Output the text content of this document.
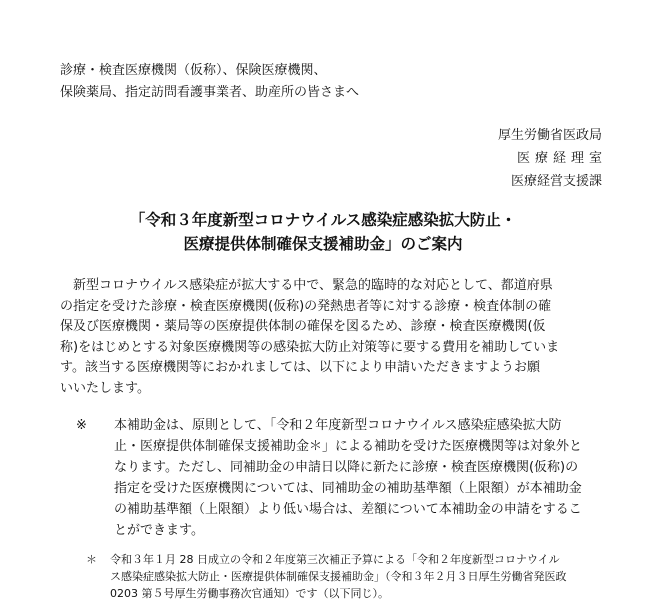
診療・検査医療機関（仮称）、保険医療機関、
保険薬局、指定訪問看護事業者、助産所の皆さまへ
厚生労働省医政局
医療経理室
医療経営支援課
「令和３年度新型コロナウイルス感染症感染拡大防止・
医療提供体制確保支援補助金」のご案内
新型コロナウイルス感染症が拡大する中で、緊急的臨時的な対応として、都道府県
の指定を受けた診療・検査医療機関(仮称)の発熱患者等に対する診療・検査体制の確
保及び医療機関・薬局等の医療提供体制の確保を図るため、診療・検査医療機関(仮
称)をはじめとする対象医療機関等の感染拡大防止対策等に要する費用を補助していま
す。該当する医療機関等におかれましては、以下により申請いただきますようお願
いいたします。
※ 本補助金は、原則として、「令和２年度新型コロナウイルス感染症感染拡大防
止・医療提供体制確保支援補助金＊」による補助を受けた医療機関等は対象外と
なります。ただし、同補助金の申請日以降に新たに診療・検査医療機関(仮称)の
指定を受けた医療機関については、同補助金の補助基準額（上限額）が本補助金
の補助基準額（上限額）より低い場合は、差額について本補助金の申請をするこ
とができます。
＊ 令和３年１月 28 日成立の令和２年度第三次補正予算による「令和２年度新型コロナウイル
ス感染症感染拡大防止・医療提供体制確保支援補助金」（令和３年２月３日厚生労働省発医政
0203 第５号厚生労働事務次官通知）です（以下同じ）。
